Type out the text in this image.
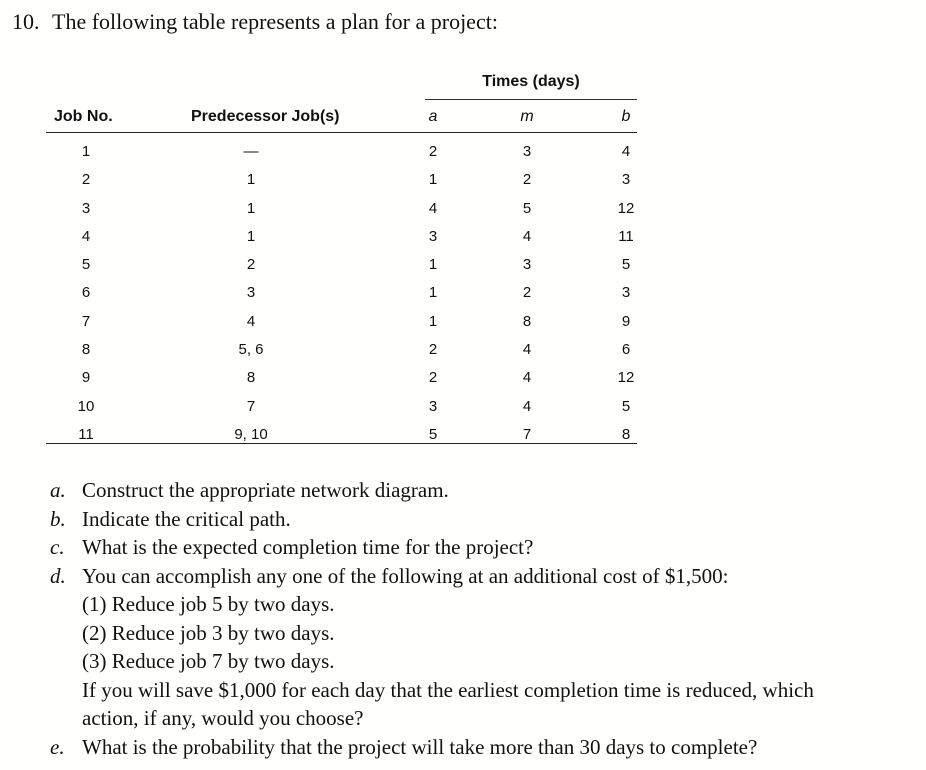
10. The following table represents a plan for a project:
Times (days)
Job No.	Predecessor Job(s)	a	m	b
1	—	2	3	4
2	1	1	2	3
3	1	4	5	12
4	1	3	4	11
5	2	1	3	5
6	3	1	2	3
7	4	1	8	9
8	5, 6	2	4	6
9	8	2	4	12
10	7	3	4	5
11	9, 10	5	7	8
a. Construct the appropriate network diagram.
b. Indicate the critical path.
c. What is the expected completion time for the project?
d. You can accomplish any one of the following at an additional cost of $1,500:
(1) Reduce job 5 by two days.
(2) Reduce job 3 by two days.
(3) Reduce job 7 by two days.
If you will save $1,000 for each day that the earliest completion time is reduced, which
action, if any, would you choose?
e. What is the probability that the project will take more than 30 days to complete?
